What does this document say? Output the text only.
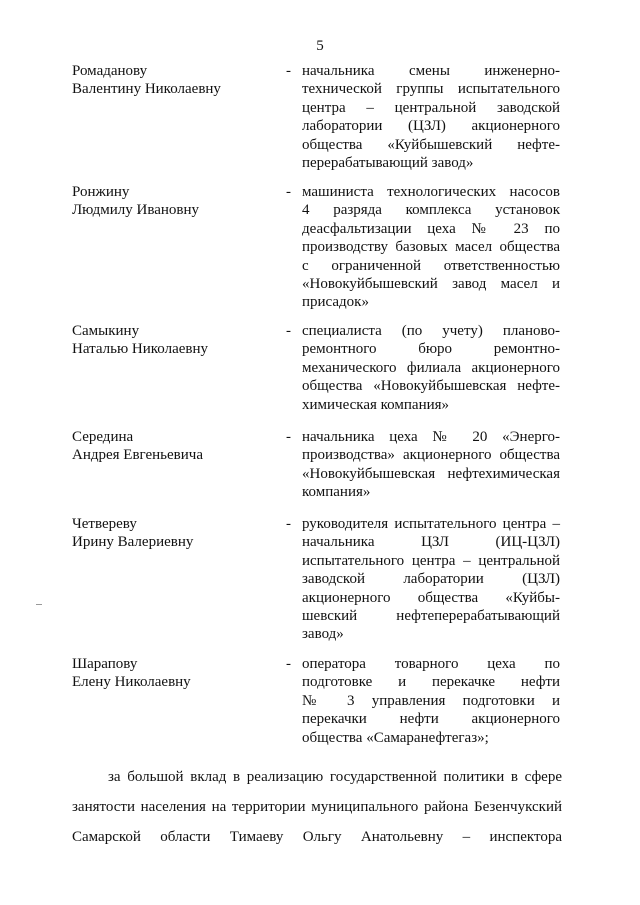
5
Ромаданову
Валентину Николаевну
- начальника смены инженерно-
технической группы испытательного
центра – центральной заводской
лаборатории (ЦЗЛ) акционерного
общества «Куйбышевский нефте-
перерабатывающий завод»
Ронжину
Людмилу Ивановну
- машиниста технологических насосов
4 разряда комплекса установок
деасфальтизации цеха № 23 по
производству базовых масел общества
с ограниченной ответственностью
«Новокуйбышевский завод масел и
присадок»
Самыкину
Наталью Николаевну
- специалиста (по учету) планово-
ремонтного бюро ремонтно-
механического филиала акционерного
общества «Новокуйбышевская нефте-
химическая компания»
Середина
Андрея Евгеньевича
- начальника цеха № 20 «Энерго-
производства» акционерного общества
«Новокуйбышевская нефтехимическая
компания»
Четвереву
Ирину Валериевну
- руководителя испытательного центра –
начальника ЦЗЛ (ИЦ-ЦЗЛ)
испытательного центра – центральной
заводской лаборатории (ЦЗЛ)
акционерного общества «Куйбы-
шевский нефтеперерабатывающий
завод»
Шарапову
Елену Николаевну
- оператора товарного цеха по
подготовке и перекачке нефти
№ 3 управления подготовки и
перекачки нефти акционерного
общества «Самаранефтегаз»;
за большой вклад в реализацию государственной политики в сфере
занятости населения на территории муниципального района Безенчукский
Самарской области Тимаеву Ольгу Анатольевну – инспектора
